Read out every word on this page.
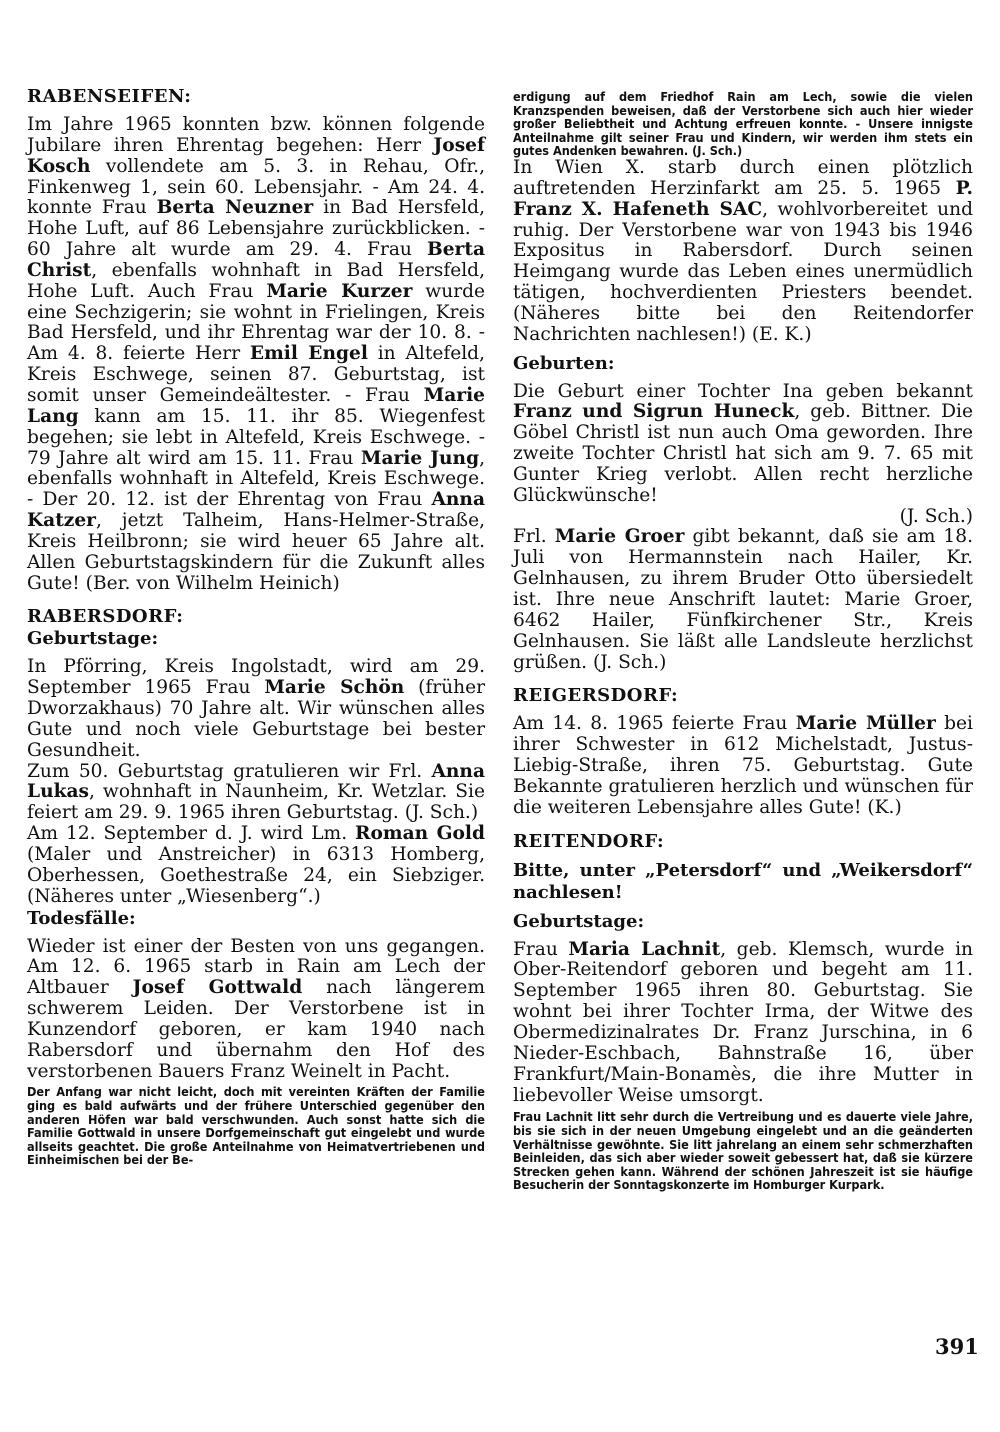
RABENSEIFEN:

Im Jahre 1965 konnten bzw. können folgende Jubilare ihren Ehrentag begehen: Herr Josef Kosch vollendete am 5. 3. in Rehau, Ofr., Finkenweg 1, sein 60. Lebensjahr. - Am 24. 4. konnte Frau Berta Neuzner in Bad Hersfeld, Hohe Luft, auf 86 Lebensjahre zurückblicken. - 60 Jahre alt wurde am 29. 4. Frau Berta Christ, ebenfalls wohnhaft in Bad Hersfeld, Hohe Luft. Auch Frau Marie Kurzer wurde eine Sechzigerin; sie wohnt in Frielingen, Kreis Bad Hersfeld, und ihr Ehrentag war der 10. 8. - Am 4. 8. feierte Herr Emil Engel in Altefeld, Kreis Eschwege, seinen 87. Geburtstag, ist somit unser Gemeindeältester. - Frau Marie Lang kann am 15. 11. ihr 85. Wiegenfest begehen; sie lebt in Altefeld, Kreis Eschwege. - 79 Jahre alt wird am 15. 11. Frau Marie Jung, ebenfalls wohnhaft in Altefeld, Kreis Eschwege. - Der 20. 12. ist der Ehrentag von Frau Anna Katzer, jetzt Talheim, Hans-Helmer-Straße, Kreis Heilbronn; sie wird heuer 65 Jahre alt. Allen Geburtstagskindern für die Zukunft alles Gute! (Ber. von Wilhelm Heinich)

RABERSDORF:

Geburtstage:

In Pförring, Kreis Ingolstadt, wird am 29. September 1965 Frau Marie Schön (früher Dworzakhaus) 70 Jahre alt. Wir wünschen alles Gute und noch viele Geburtstage bei bester Gesundheit.

Zum 50. Geburtstag gratulieren wir Frl. Anna Lukas, wohnhaft in Naunheim, Kr. Wetzlar. Sie feiert am 29. 9. 1965 ihren Geburtstag. (J. Sch.)

Am 12. September d. J. wird Lm. Roman Gold (Maler und Anstreicher) in 6313 Homberg, Oberhessen, Goethestraße 24, ein Siebziger. (Näheres unter „Wiesenberg“.)

Todesfälle:

Wieder ist einer der Besten von uns gegangen. Am 12. 6. 1965 starb in Rain am Lech der Altbauer Josef Gottwald nach längerem schwerem Leiden. Der Verstorbene ist in Kunzendorf geboren, er kam 1940 nach Rabersdorf und übernahm den Hof des verstorbenen Bauers Franz Weinelt in Pacht.

Der Anfang war nicht leicht, doch mit vereinten Kräften der Familie ging es bald aufwärts und der frühere Unterschied gegenüber den anderen Höfen war bald verschwunden. Auch sonst hatte sich die Familie Gottwald in unsere Dorfgemeinschaft gut eingelebt und wurde allseits geachtet. Die große Anteilnahme von Heimatvertriebenen und Einheimischen bei der Be-

erdigung auf dem Friedhof Rain am Lech, sowie die vielen Kranzspenden beweisen, daß der Verstorbene sich auch hier wieder großer Beliebtheit und Achtung erfreuen konnte. - Unsere innigste Anteilnahme gilt seiner Frau und Kindern, wir werden ihm stets ein gutes Andenken bewahren. (J. Sch.)

In Wien X. starb durch einen plötzlich auftretenden Herzinfarkt am 25. 5. 1965 P. Franz X. Hafeneth SAC, wohlvorbereitet und ruhig. Der Verstorbene war von 1943 bis 1946 Expositus in Rabersdorf. Durch seinen Heimgang wurde das Leben eines unermüdlich tätigen, hochverdienten Priesters beendet. (Näheres bitte bei den Reitendorfer Nachrichten nachlesen!) (E. K.)

Geburten:

Die Geburt einer Tochter Ina geben bekannt Franz und Sigrun Huneck, geb. Bittner. Die Göbel Christl ist nun auch Oma geworden. Ihre zweite Tochter Christl hat sich am 9. 7. 65 mit Gunter Krieg verlobt. Allen recht herzliche Glückwünsche!

(J. Sch.)

Frl. Marie Groer gibt bekannt, daß sie am 18. Juli von Hermannstein nach Hailer, Kr. Gelnhausen, zu ihrem Bruder Otto übersiedelt ist. Ihre neue Anschrift lautet: Marie Groer, 6462 Hailer, Fünfkirchener Str., Kreis Gelnhausen. Sie läßt alle Landsleute herzlichst grüßen. (J. Sch.)

REIGERSDORF:

Am 14. 8. 1965 feierte Frau Marie Müller bei ihrer Schwester in 612 Michelstadt, Justus-Liebig-Straße, ihren 75. Geburtstag. Gute Bekannte gratulieren herzlich und wünschen für die weiteren Lebensjahre alles Gute! (K.)

REITENDORF:

Bitte, unter „Petersdorf“ und „Weikersdorf“ nachlesen!

Geburtstage:

Frau Maria Lachnit, geb. Klemsch, wurde in Ober-Reitendorf geboren und begeht am 11. September 1965 ihren 80. Geburtstag. Sie wohnt bei ihrer Tochter Irma, der Witwe des Obermedizinalrates Dr. Franz Jurschina, in 6 Nieder-Eschbach, Bahnstraße 16, über Frankfurt/Main-Bonamès, die ihre Mutter in liebevoller Weise umsorgt.

Frau Lachnit litt sehr durch die Vertreibung und es dauerte viele Jahre, bis sie sich in der neuen Umgebung eingelebt und an die geänderten Verhältnisse gewöhnte. Sie litt jahrelang an einem sehr schmerzhaften Beinleiden, das sich aber wieder soweit gebessert hat, daß sie kürzere Strecken gehen kann. Während der schönen Jahreszeit ist sie häufige Besucherin der Sonntagskonzerte im Homburger Kurpark.

391
